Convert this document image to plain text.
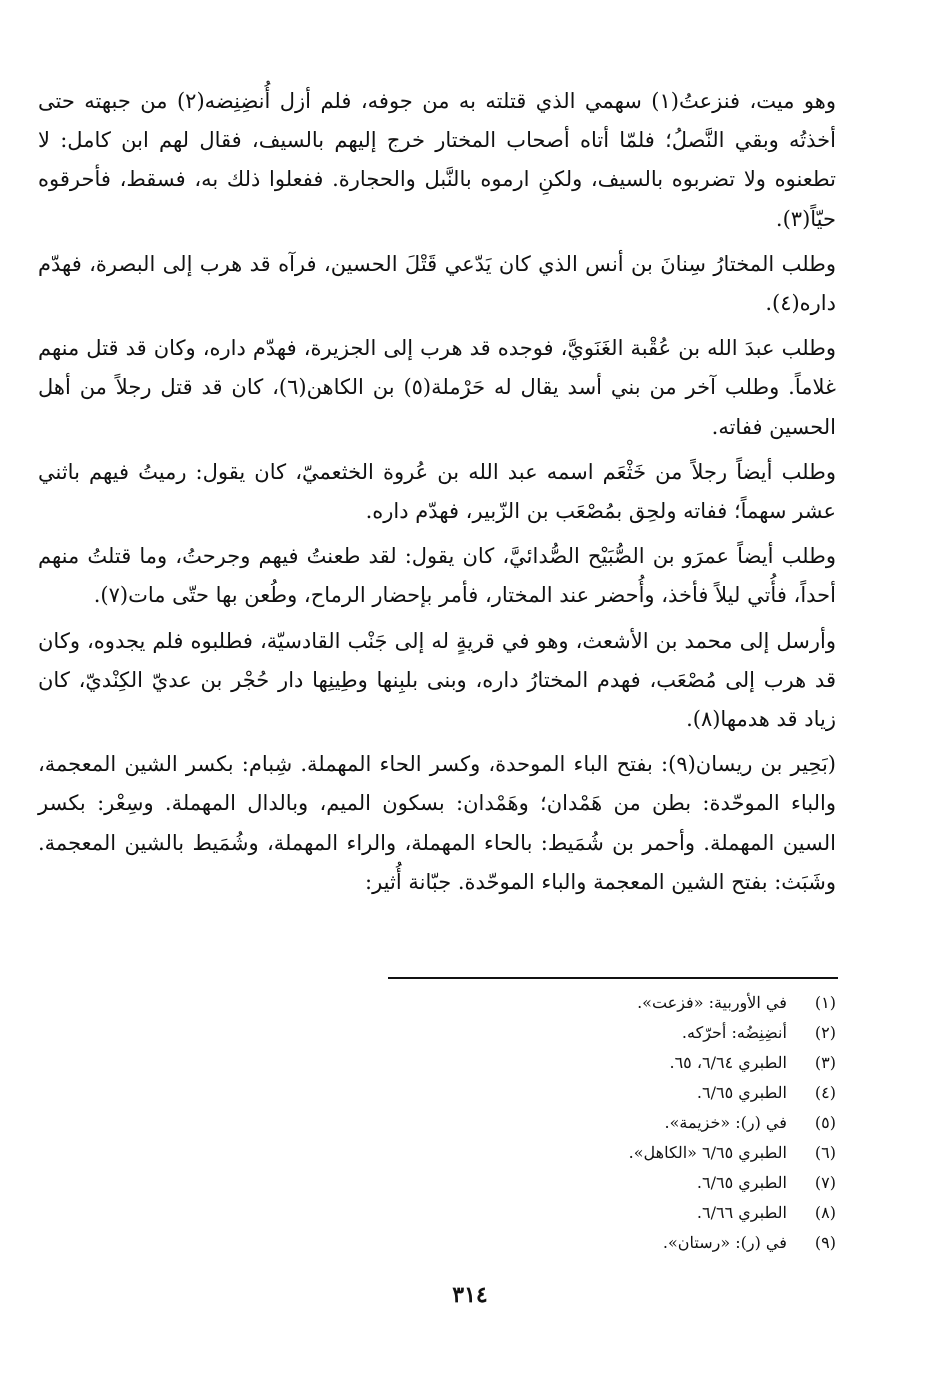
وهو ميت، فنزعتُ(١) سهمي الذي قتلته به من جوفه، فلم أزل أُنضِنِضه(٢) من جبهته حتى أخذتُه وبقي النَّصلُ؛ فلمّا أتاه أصحاب المختار خرج إليهم بالسيف، فقال لهم ابن كامل: لا تطعنوه ولا تضربوه بالسيف، ولكنِ ارموه بالنَّبل والحجارة. ففعلوا ذلك به، فسقط، فأحرقوه حيّاً(٣).

وطلب المختارُ سِنانَ بن أنس الذي كان يَدّعي قَتْلَ الحسين، فرآه قد هرب إلى البصرة، فهدّم داره(٤).

وطلب عبدَ الله بن عُقْبة الغَنَويَّ، فوجده قد هرب إلى الجزيرة، فهدّم داره، وكان قد قتل منهم غلاماً. وطلب آخر من بني أسد يقال له حَرْملة(٥) بن الكاهن(٦)، كان قد قتل رجلاً من أهل الحسين ففاته.

وطلب أيضاً رجلاً من خَثْعَم اسمه عبد الله بن عُروة الخثعميّ، كان يقول: رميتُ فيهم باثني عشر سهماً؛ ففاته ولحِق بمُصْعَب بن الزّبير، فهدّم داره.

وطلب أيضاً عمرَو بن الصُّبَيْح الصُّدائيَّ، كان يقول: لقد طعنتُ فيهم وجرحتُ، وما قتلتُ منهم أحداً، فأُتي ليلاً فأخذ، وأُحضر عند المختار، فأمر بإحضار الرماح، وطُعن بها حتّى مات(٧).

وأرسل إلى محمد بن الأشعث، وهو في قريةٍ له إلى جَنْب القادسيّة، فطلبوه فلم يجدوه، وكان قد هرب إلى مُصْعَب، فهدم المختارُ داره، وبنى بلبِنها وطِينِها دار حُجْر بن عديّ الكِنْديّ، كان زياد قد هدمها(٨).

(بَحِير بن ريسان(٩): بفتح الباء الموحدة، وكسر الحاء المهملة. شِبام: بكسر الشين المعجمة، والباء الموحّدة: بطن من هَمْدان؛ وهَمْدان: بسكون الميم، وبالدال المهملة. وسِعْر: بكسر السين المهملة. وأحمر بن شُمَيط: بالحاء المهملة، والراء المهملة، وشُمَيط بالشين المعجمة. وشَبَث: بفتح الشين المعجمة والباء الموحّدة. جبّانة أُثير:

(١) في الأوربية: «فزعت».
(٢) أنضِنِضُه: أحرّكه.
(٣) الطبري ٦/٦٤، ٦٥.
(٤) الطبري ٦/٦٥.
(٥) في (ر): «خزيمة».
(٦) الطبري ٦/٦٥ «الكاهل».
(٧) الطبري ٦/٦٥.
(٨) الطبري ٦/٦٦.
(٩) في (ر): «رستان».
٣١٤
